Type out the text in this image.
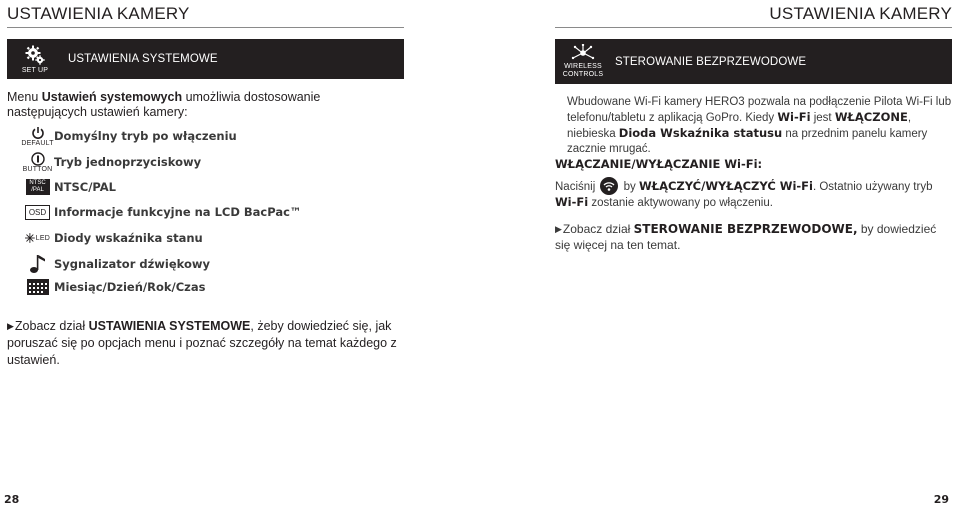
USTAWIENIA KAMERY
SET UP
USTAWIENIA SYSTEMOWE
Menu Ustawień systemowych umożliwia dostosowanie następujących ustawień kamery:
DEFAULT Domyślny tryb po włączeniu
BUTTON Tryb jednoprzyciskowy
NTSC /PAL NTSC/PAL
OSD Informacje funkcyjne na LCD BacPac™
LED Diody wskaźnika stanu
Sygnalizator dźwiękowy
Miesiąc/Dzień/Rok/Czas
▶Zobacz dział USTAWIENIA SYSTEMOWE, żeby dowiedzieć się, jak poruszać się po opcjach menu i poznać szczegóły na temat każdego z ustawień.
28
USTAWIENIA KAMERY
WIRELESS
CONTROLS
STEROWANIE BEZPRZEWODOWE
Wbudowane Wi-Fi kamery HERO3 pozwala na podłączenie Pilota Wi-Fi lub telefonu/tabletu z aplikacją GoPro. Kiedy Wi-Fi jest WŁĄCZONE, niebieska Dioda Wskaźnika statusu na przednim panelu kamery zacznie mrugać.
WŁĄCZANIE/WYŁĄCZANIE Wi-Fi:
Naciśnij
by WŁĄCZYĆ/WYŁĄCZYĆ Wi-Fi. Ostatnio używany tryb Wi-Fi zostanie aktywowany po włączeniu.
▶Zobacz dział STEROWANIE BEZPRZEWODOWE, by dowiedzieć się więcej na ten temat.
29
